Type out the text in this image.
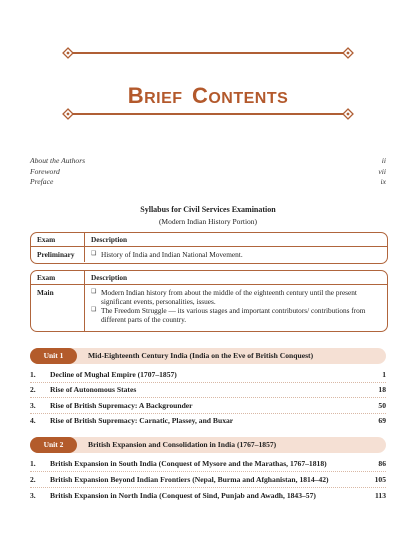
BRIEF CONTENTS
About the Authors	ii
Foreword	vii
Preface	ix
Syllabus for Civil Services Examination
(Modern Indian History Portion)
Exam	Description
Preliminary	❑ History of India and Indian National Movement.
Exam	Description
Main	❑ Modern Indian history from about the middle of the eighteenth century until the present significant events, personalities, issues.
❑ The Freedom Struggle — its various stages and important contributors/ contributions from different parts of the country.
Unit 1	Mid-Eighteenth Century India (India on the Eve of British Conquest)
1.	Decline of Mughal Empire (1707–1857)	1
2.	Rise of Autonomous States	18
3.	Rise of British Supremacy: A Backgrounder	50
4.	Rise of British Supremacy: Carnatic, Plassey, and Buxar	69
Unit 2	British Expansion and Consolidation in India (1767–1857)
1.	British Expansion in South India (Conquest of Mysore and the Marathas, 1767–1818)	86
2.	British Expansion Beyond Indian Frontiers (Nepal, Burma and Afghanistan, 1814–42)	105
3.	British Expansion in North India (Conquest of Sind, Punjab and Awadh, 1843–57)	113
